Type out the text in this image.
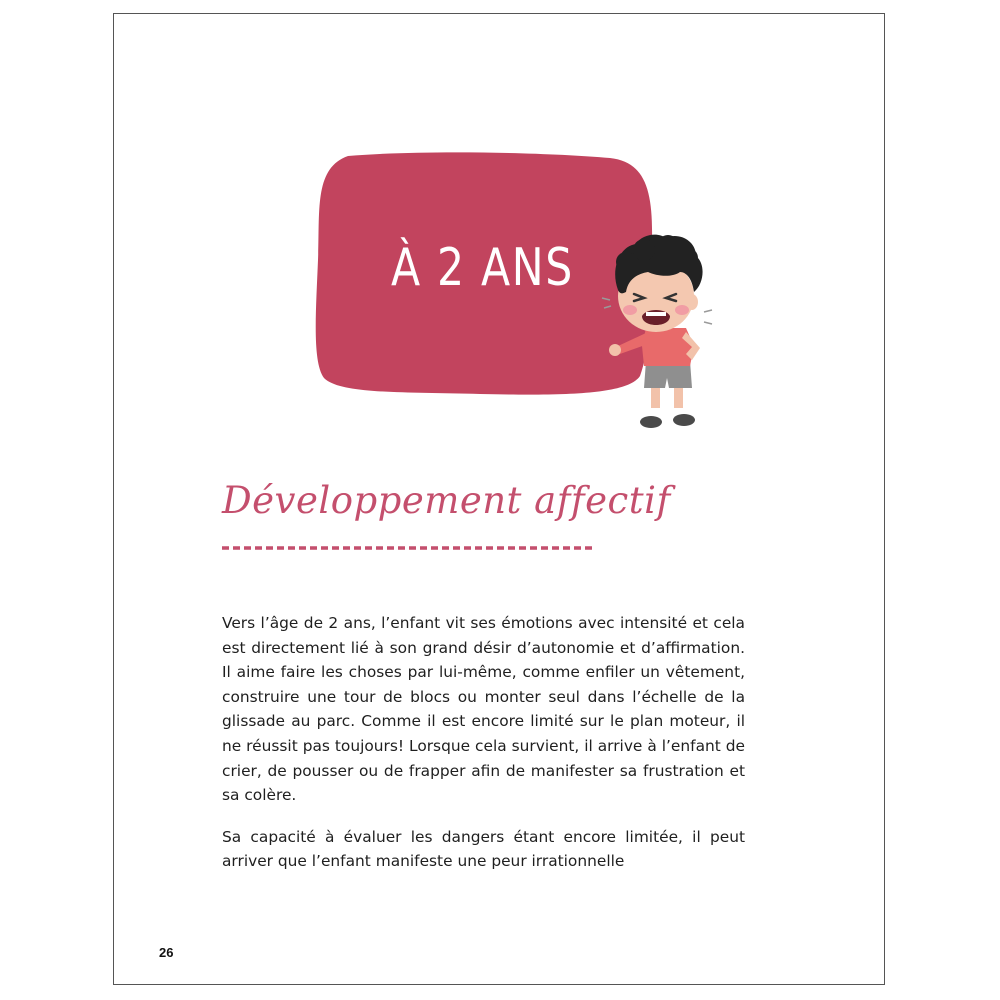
À 2 ANS
Développement affectif

Vers l’âge de 2 ans, l’enfant vit ses émotions avec intensité et cela est directement lié à son grand désir d’autonomie et d’affirmation. Il aime faire les choses par lui-même, comme enfiler un vêtement, construire une tour de blocs ou monter seul dans l’échelle de la glissade au parc. Comme il est encore limité sur le plan moteur, il ne réussit pas toujours! Lorsque cela survient, il arrive à l’enfant de crier, de pousser ou de frapper afin de manifester sa frustration et sa colère.

Sa capacité à évaluer les dangers étant encore limitée, il peut arriver que l’enfant manifeste une peur irrationnelle

26
